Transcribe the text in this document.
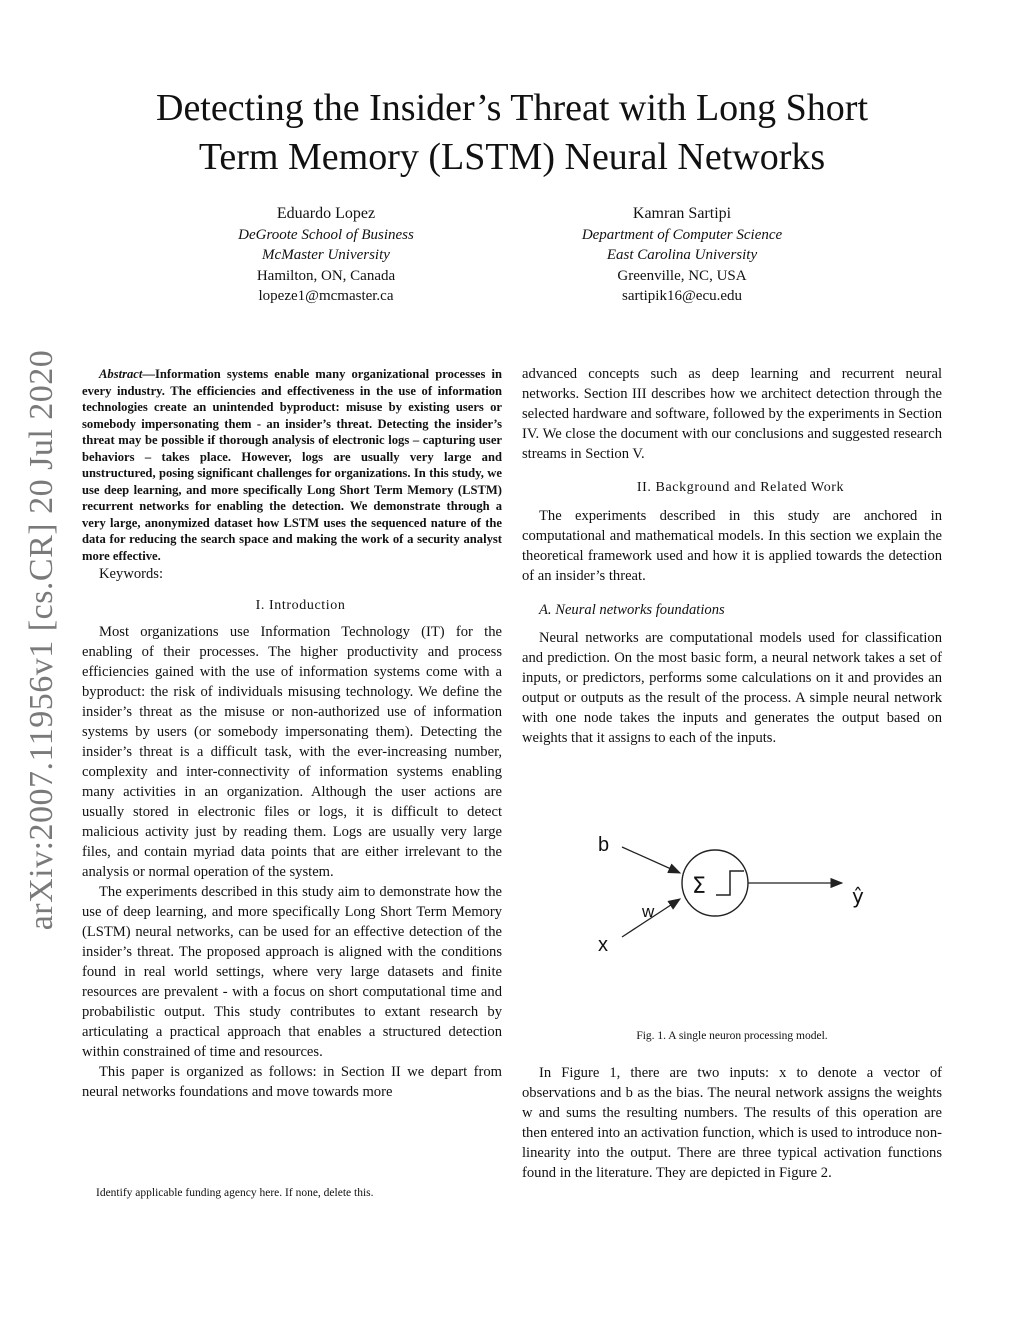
arXiv:2007.11956v1 [cs.CR] 20 Jul 2020
Detecting the Insider’s Threat with Long Short
Term Memory (LSTM) Neural Networks
Eduardo Lopez
DeGroote School of Business
McMaster University
Hamilton, ON, Canada
lopeze1@mcmaster.ca
Kamran Sartipi
Department of Computer Science
East Carolina University
Greenville, NC, USA
sartipik16@ecu.edu

Abstract—Information systems enable many organizational processes in every industry. The efficiencies and effectiveness in the use of information technologies create an unintended byproduct: misuse by existing users or somebody impersonating them - an insider’s threat. Detecting the insider’s threat may be possible if thorough analysis of electronic logs – capturing user behaviors – takes place. However, logs are usually very large and unstructured, posing significant challenges for organizations. In this study, we use deep learning, and more specifically Long Short Term Memory (LSTM) recurrent networks for enabling the detection. We demonstrate through a very large, anonymized dataset how LSTM uses the sequenced nature of the data for reducing the search space and making the work of a security analyst more effective.

Keywords:

I. Introduction

Most organizations use Information Technology (IT) for the enabling of their processes. The higher productivity and process efficiencies gained with the use of information systems come with a byproduct: the risk of individuals misusing technology. We define the insider’s threat as the misuse or non-authorized use of information systems by users (or somebody impersonating them). Detecting the insider’s threat is a difficult task, with the ever-increasing number, complexity and inter-connectivity of information systems enabling many activities in an organization. Although the user actions are usually stored in electronic files or logs, it is difficult to detect malicious activity just by reading them. Logs are usually very large files, and contain myriad data points that are either irrelevant to the analysis or normal operation of the system.

The experiments described in this study aim to demonstrate how the use of deep learning, and more specifically Long Short Term Memory (LSTM) neural networks, can be used for an effective detection of the insider’s threat. The proposed approach is aligned with the conditions found in real world settings, where very large datasets and finite resources are prevalent - with a focus on short computational time and probabilistic output. This study contributes to extant research by articulating a practical approach that enables a structured detection within constrained of time and resources.

This paper is organized as follows: in Section II we depart from neural networks foundations and move towards more

Identify applicable funding agency here. If none, delete this.

advanced concepts such as deep learning and recurrent neural networks. Section III describes how we architect detection through the selected hardware and software, followed by the experiments in Section IV. We close the document with our conclusions and suggested research streams in Section V.

II. Background and Related Work

The experiments described in this study are anchored in computational and mathematical models. In this section we explain the theoretical framework used and how it is applied towards the detection of an insider’s threat.

A. Neural networks foundations

Neural networks are computational models used for classification and prediction. On the most basic form, a neural network takes a set of inputs, or predictors, performs some calculations on it and provides an output or outputs as the result of the process. A simple neural network with one node takes the inputs and generates the output based on weights that it assigns to each of the inputs.

b
x
w
Σ	ŷ
Fig. 1. A single neuron processing model.

In Figure 1, there are two inputs: x to denote a vector of observations and b as the bias. The neural network assigns the weights w and sums the resulting numbers. The results of this operation are then entered into an activation function, which is used to introduce non-linearity into the output. There are three typical activation functions found in the literature. They are depicted in Figure 2.
